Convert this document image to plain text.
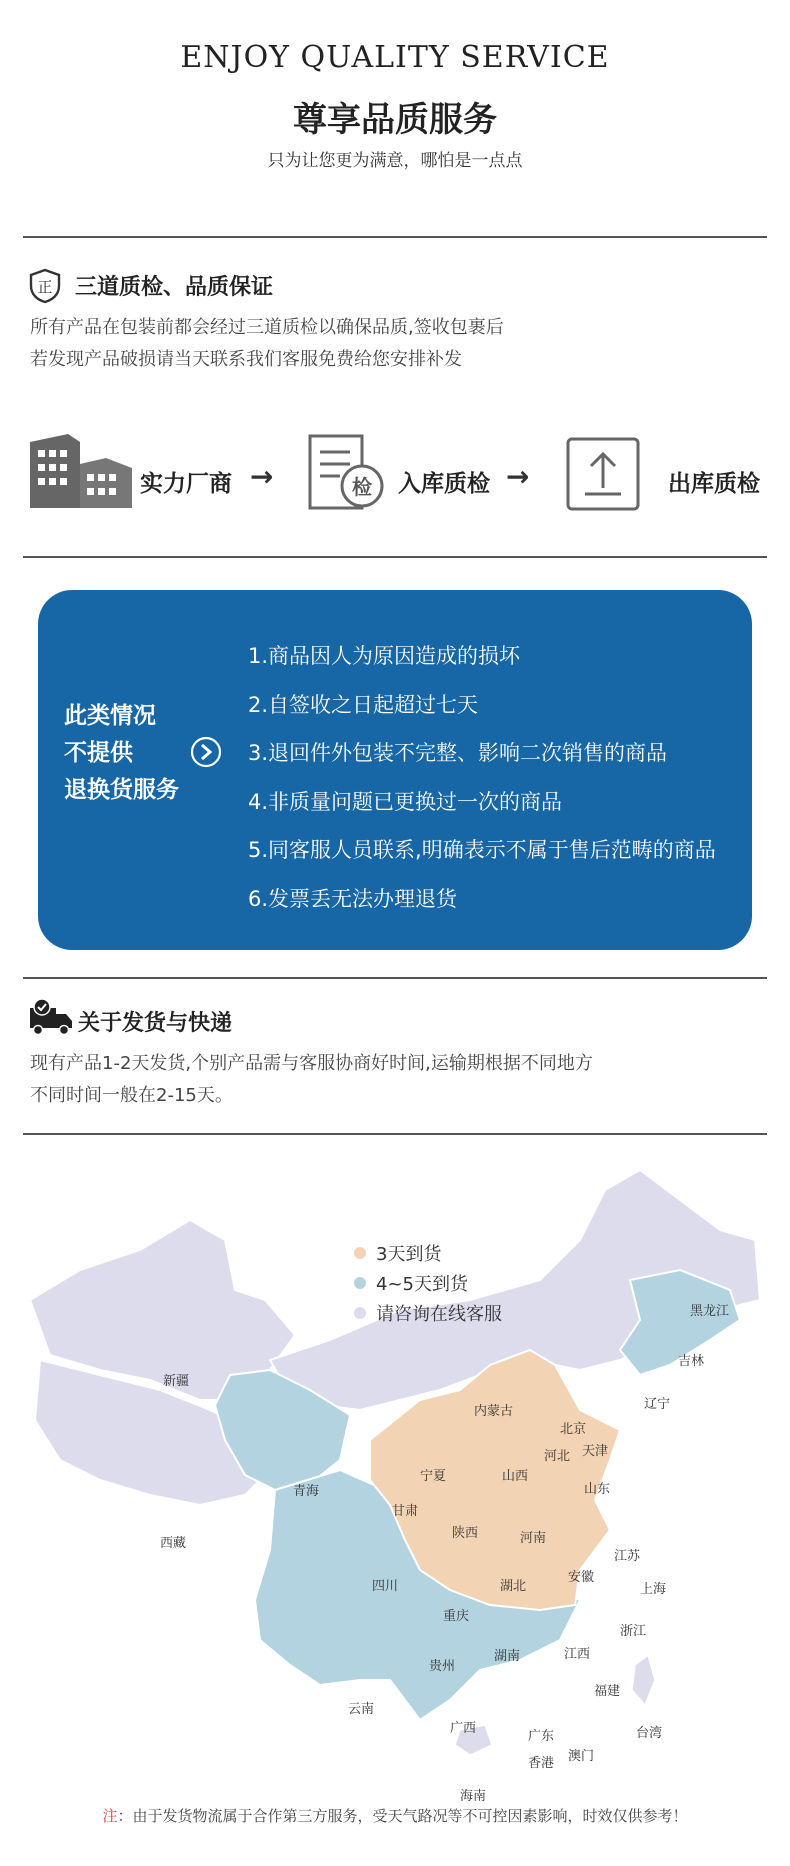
ENJOY QUALITY SERVICE
尊享品质服务
只为让您更为满意，哪怕是一点点
正 三道质检、品质保证
所有产品在包装前都会经过三道质检以确保品质,签收包裹后
若发现产品破损请当天联系我们客服免费给您安排补发
实力厂商 →	检 入库质检 →	出库质检
此类情况
不提供
退换货服务
1.商品因人为原因造成的损坏
2.自签收之日起超过七天
3.退回件外包装不完整、影响二次销售的商品
4.非质量问题已更换过一次的商品
5.同客服人员联系,明确表示不属于售后范畴的商品
6.发票丢无法办理退货
关于发货与快递
现有产品1-2天发货,个别产品需与客服协商好时间,运输期根据不同地方
不同时间一般在2-15天。
3天到货
4~5天到货
请咨询在线客服	黑龙江
吉林
辽宁
内蒙古
北京
天津
河北
山东
山西
宁夏
新疆
青海
甘肃
陕西	河南
江苏
安徽
上海
西藏
四川	湖北
重庆
浙江
湖南	江西
贵州
福建
云南
广西
广东	台湾
澳门
香港
海南
注：由于发货物流属于合作第三方服务，受天气路况等不可控因素影响，时效仅供参考！
